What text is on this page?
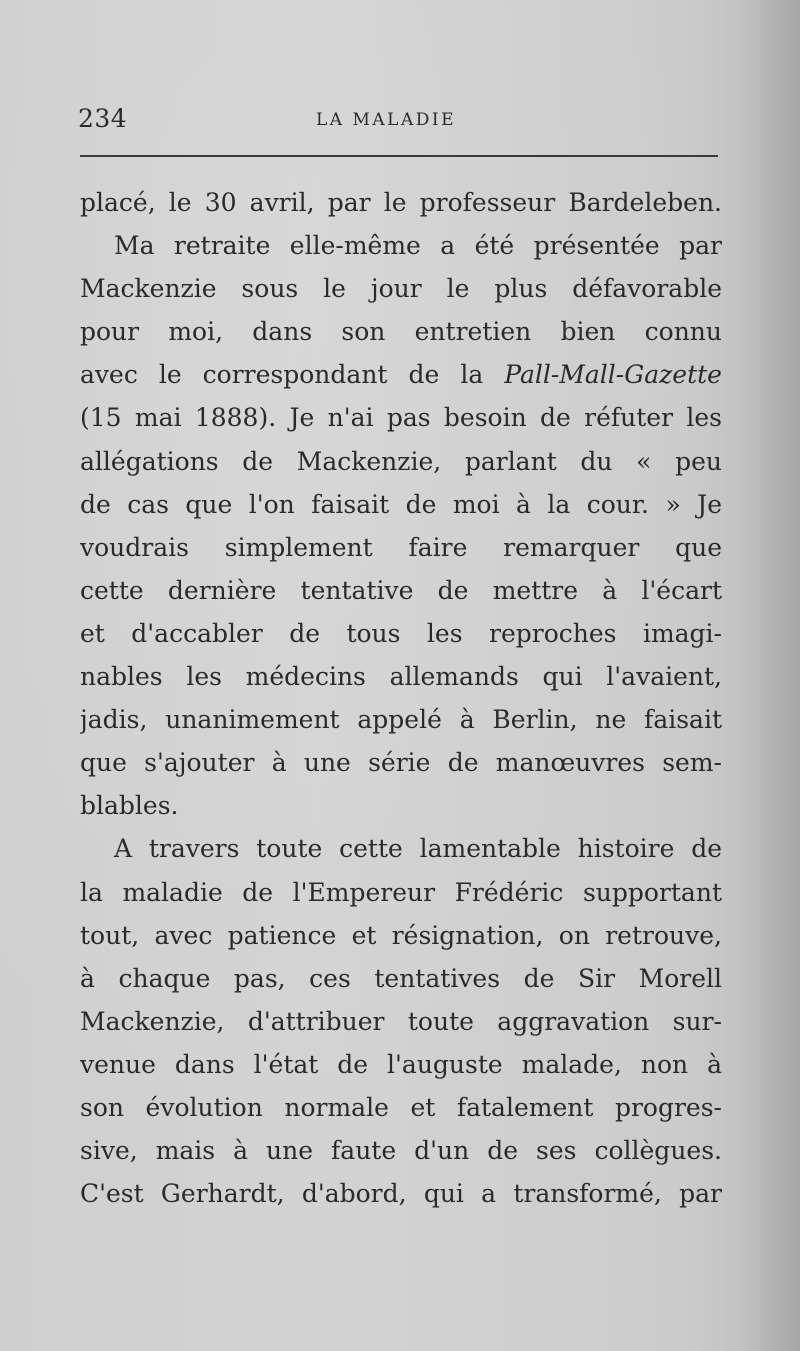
234	LA MALADIE
placé, le 30 avril, par le professeur Bardeleben.
Ma retraite elle-même a été présentée par
Mackenzie sous le jour le plus défavorable
pour moi, dans son entretien bien connu
avec le correspondant de la Pall-Mall-Gazette
(15 mai 1888). Je n'ai pas besoin de réfuter les
allégations de Mackenzie, parlant du « peu
de cas que l'on faisait de moi à la cour. » Je
voudrais simplement faire remarquer que
cette dernière tentative de mettre à l'écart
et d'accabler de tous les reproches imagi-
nables les médecins allemands qui l'avaient,
jadis, unanimement appelé à Berlin, ne faisait
que s'ajouter à une série de manœuvres sem-
blables.
A travers toute cette lamentable histoire de
la maladie de l'Empereur Frédéric supportant
tout, avec patience et résignation, on retrouve,
à chaque pas, ces tentatives de Sir Morell
Mackenzie, d'attribuer toute aggravation sur-
venue dans l'état de l'auguste malade, non à
son évolution normale et fatalement progres-
sive, mais à une faute d'un de ses collègues.
C'est Gerhardt, d'abord, qui a transformé, par
